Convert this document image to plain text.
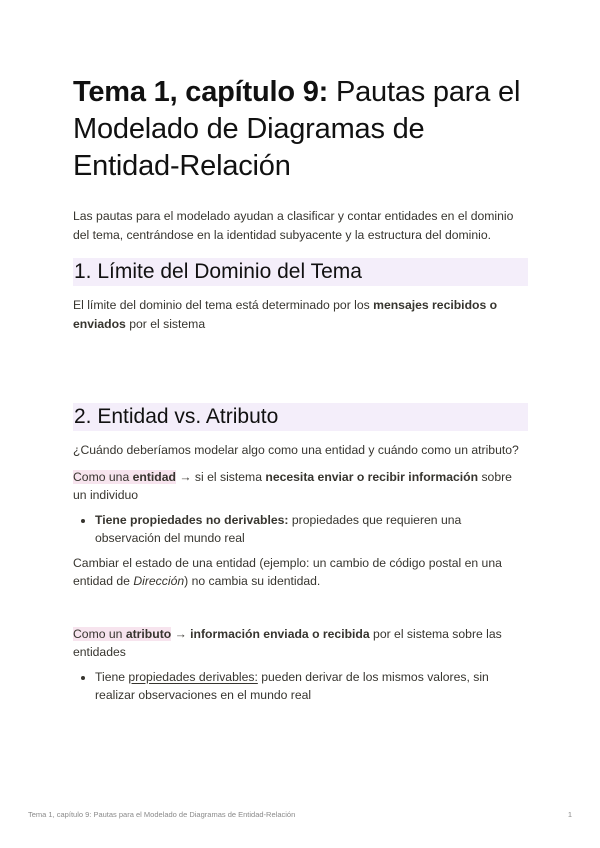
Tema 1, capítulo 9: Pautas para el Modelado de Diagramas de Entidad-Relación

Las pautas para el modelado ayudan a clasificar y contar entidades en el dominio del tema, centrándose en la identidad subyacente y la estructura del dominio.

1. Límite del Dominio del Tema

El límite del dominio del tema está determinado por los mensajes recibidos o enviados por el sistema

2. Entidad vs. Atributo

¿Cuándo deberíamos modelar algo como una entidad y cuándo como un atributo?

Como una entidad → si el sistema necesita enviar o recibir información sobre un individuo

• Tiene propiedades no derivables: propiedades que requieren una observación del mundo real

Cambiar el estado de una entidad (ejemplo: un cambio de código postal en una entidad de Dirección) no cambia su identidad.

Como un atributo → información enviada o recibida por el sistema sobre las entidades

• Tiene propiedades derivables: pueden derivar de los mismos valores, sin realizar observaciones en el mundo real
Tema 1, capítulo 9: Pautas para el Modelado de Diagramas de Entidad-Relación	1
